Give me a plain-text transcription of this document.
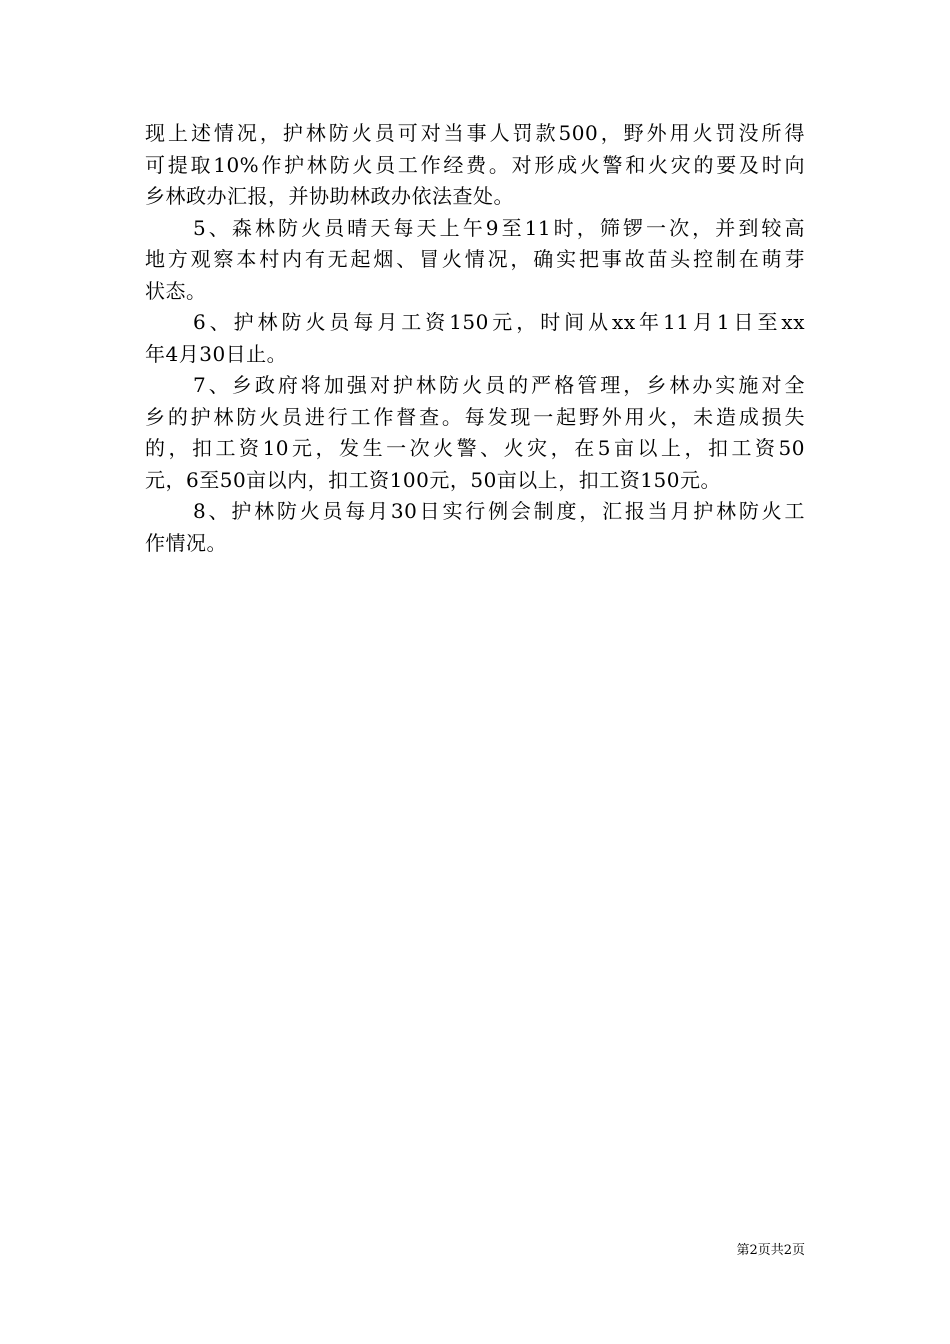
现上述情况，护林防火员可对当事人罚款500，野外用火罚没所得
可提取10%作护林防火员工作经费。对形成火警和火灾的要及时向
乡林政办汇报，并协助林政办依法查处。
5、森林防火员晴天每天上午9至11时，筛锣一次，并到较高
地方观察本村内有无起烟、冒火情况，确实把事故苗头控制在萌芽
状态。
6、护林防火员每月工资150元，时间从xx年11月1日至xx
年4月30日止。
7、乡政府将加强对护林防火员的严格管理，乡林办实施对全
乡的护林防火员进行工作督查。每发现一起野外用火，未造成损失
的，扣工资10元，发生一次火警、火灾，在5亩以上，扣工资50
元，6至50亩以内，扣工资100元，50亩以上，扣工资150元。
8、护林防火员每月30日实行例会制度，汇报当月护林防火工
作情况。
第2页共2页
